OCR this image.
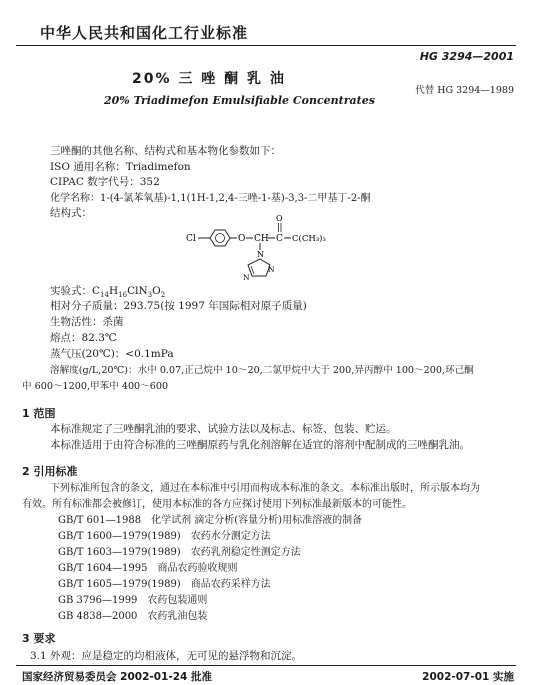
中华人民共和国化工行业标准
HG 3294—2001
20% 三 唑 酮 乳 油
代替 HG 3294—1989
20% Triadimefon Emulsifiable Concentrates
三唑酮的其他名称、结构式和基本物化参数如下：
ISO 通用名称：Triadimefon
CIPAC 数字代号：352
化学名称：1-(4-氯苯氧基)-1,1(1H-1,2,4-三唑-1-基)-3,3-二甲基丁-2-酮
结构式：
Cl	O CH C
O
C(CH₃)₃
N
N
N
实验式：$C_{14}H_{16}ClN_3O_2$
相对分子质量：293.75(按 1997 年国际相对原子质量)
生物活性：杀菌
熔点：82.3℃
蒸气压(20℃)：<0.1mPa
溶解度(g/L,20℃)：水中 0.07,正己烷中 10～20,二氯甲烷中大于 200,异丙醇中 100～200,环己酮
中 600～1200,甲苯中 400～600
1 范围
本标准规定了三唑酮乳油的要求、试验方法以及标志、标签、包装、贮运。
本标准适用于由符合标准的三唑酮原药与乳化剂溶解在适宜的溶剂中配制成的三唑酮乳油。
2 引用标准
下列标准所包含的条文，通过在本标准中引用而构成本标准的条文。本标准出版时，所示版本均为
有效。所有标准都会被修订，使用本标准的各方应探讨使用下列标准最新版本的可能性。
GB/T 601—1988 化学试剂 滴定分析(容量分析)用标准溶液的制备
GB/T 1600—1979(1989) 农药水分测定方法
GB/T 1603—1979(1989) 农药乳剂稳定性测定方法
GB/T 1604—1995 商品农药验收规则
GB/T 1605—1979(1989) 商品农药采样方法
GB 3796—1999 农药包装通则
GB 4838—2000 农药乳油包装
3 要求
3.1 外观：应是稳定的均相液体，无可见的悬浮物和沉淀。
国家经济贸易委员会 2002-01-24 批准	2002-07-01 实施
